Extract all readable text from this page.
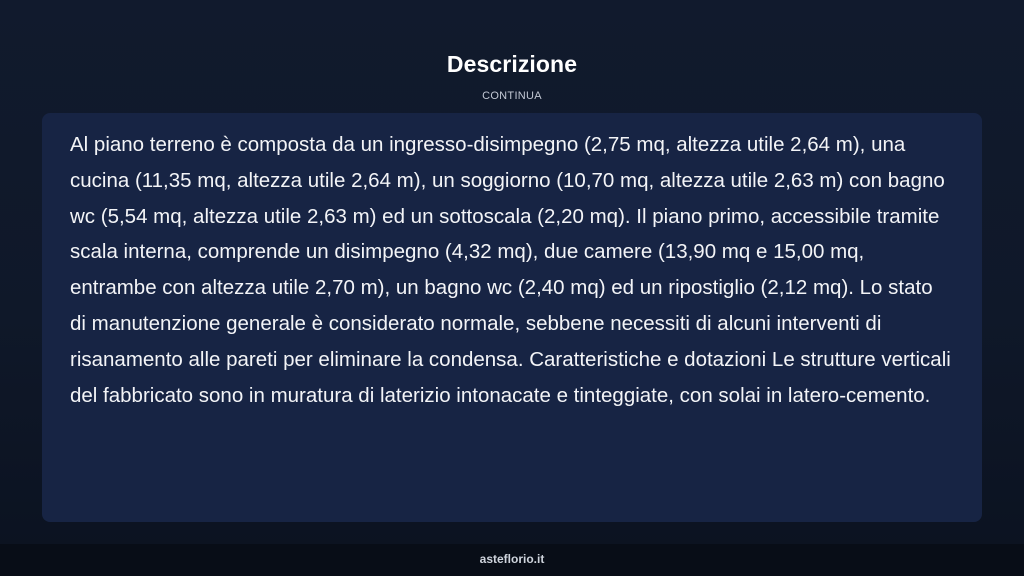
Descrizione
CONTINUA

Al piano terreno è composta da un ingresso-disimpegno (2,75 mq, altezza utile 2,64 m), una cucina (11,35 mq, altezza utile 2,64 m), un soggiorno (10,70 mq, altezza utile 2,63 m) con bagno wc (5,54 mq, altezza utile 2,63 m) ed un sottoscala (2,20 mq). Il piano primo, accessibile tramite scala interna, comprende un disimpegno (4,32 mq), due camere (13,90 mq e 15,00 mq, entrambe con altezza utile 2,70 m), un bagno wc (2,40 mq) ed un ripostiglio (2,12 mq). Lo stato di manutenzione generale è considerato normale, sebbene necessiti di alcuni interventi di risanamento alle pareti per eliminare la condensa. Caratteristiche e dotazioni Le strutture verticali del fabbricato sono in muratura di laterizio intonacate e tinteggiate, con solai in latero-cemento.

asteflorio.it
